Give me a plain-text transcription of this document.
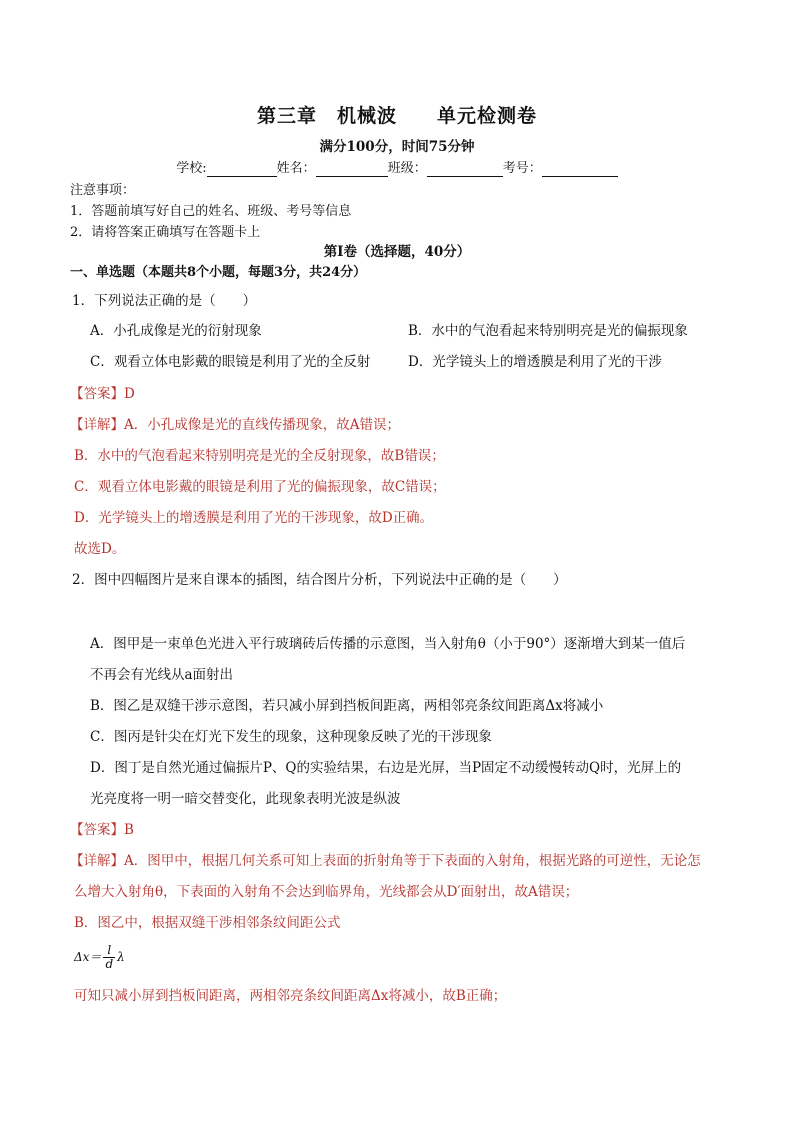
第三章　机械波　　单元检测卷
满分100分，时间75分钟
学校:	姓名：	班级：	考号：
注意事项：
1．答题前填写好自己的姓名、班级、考号等信息
2．请将答案正确填写在答题卡上
第I卷（选择题，40分）
一、单选题（本题共8个小题，每题3分，共24分）
1．下列说法正确的是（　　）
A．小孔成像是光的衍射现象	B．水中的气泡看起来特别明亮是光的偏振现象
C．观看立体电影戴的眼镜是利用了光的全反射	D．光学镜头上的增透膜是利用了光的干涉
【答案】D
【详解】A．小孔成像是光的直线传播现象，故A错误；
B．水中的气泡看起来特别明亮是光的全反射现象，故B错误；
C．观看立体电影戴的眼镜是利用了光的偏振现象，故C错误；
D．光学镜头上的增透膜是利用了光的干涉现象，故D正确。
故选D。
2．图中四幅图片是来自课本的插图，结合图片分析，下列说法中正确的是（　　）
A．图甲是一束单色光进入平行玻璃砖后传播的示意图，当入射角θ（小于90°）逐渐增大到某一值后
不再会有光线从a面射出
B．图乙是双缝干涉示意图，若只减小屏到挡板间距离，两相邻亮条纹间距离Δx将减小
C．图丙是针尖在灯光下发生的现象，这种现象反映了光的干涉现象
D．图丁是自然光通过偏振片P、Q的实验结果，右边是光屏，当P固定不动缓慢转动Q时，光屏上的
光亮度将一明一暗交替变化，此现象表明光波是纵波
【答案】B
【详解】A．图甲中，根据几何关系可知上表面的折射角等于下表面的入射角，根据光路的可逆性，无论怎
么增大入射角θ，下表面的入射角不会达到临界角，光线都会从D′面射出，故A错误；
B．图乙中，根据双缝干涉相邻条纹间距公式
$\Delta x= \frac{l}{d}$ λ
可知只减小屏到挡板间距离，两相邻亮条纹间距离Δx将减小，故B正确；
